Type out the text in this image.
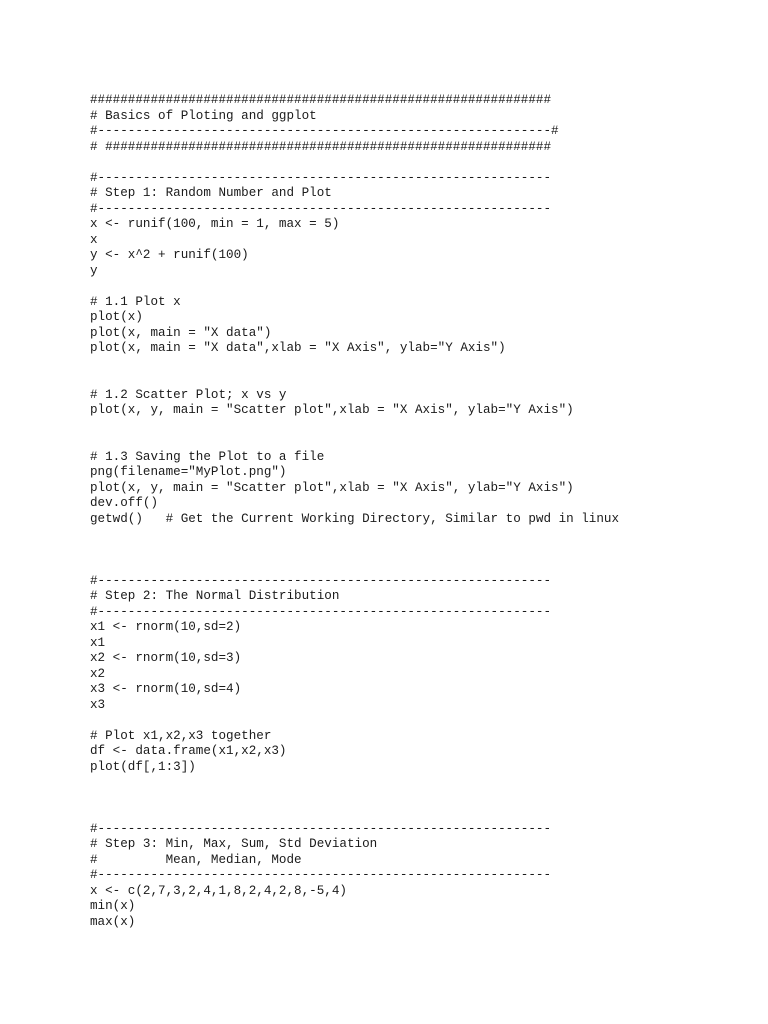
#############################################################
# Basics of Ploting and ggplot
#------------------------------------------------------------#
# ###########################################################
#------------------------------------------------------------
# Step 1: Random Number and Plot
#------------------------------------------------------------
x <- runif(100, min = 1, max = 5)
x
y <- x^2 + runif(100)
y
# 1.1 Plot x
plot(x)
plot(x, main = "X data")
plot(x, main = "X data",xlab = "X Axis", ylab="Y Axis")
# 1.2 Scatter Plot; x vs y
plot(x, y, main = "Scatter plot",xlab = "X Axis", ylab="Y Axis")
# 1.3 Saving the Plot to a file
png(filename="MyPlot.png")
plot(x, y, main = "Scatter plot",xlab = "X Axis", ylab="Y Axis")
dev.off()
getwd()   # Get the Current Working Directory, Similar to pwd in linux
#------------------------------------------------------------
# Step 2: The Normal Distribution
#------------------------------------------------------------
x1 <- rnorm(10,sd=2)
x1
x2 <- rnorm(10,sd=3)
x2
x3 <- rnorm(10,sd=4)
x3
# Plot x1,x2,x3 together
df <- data.frame(x1,x2,x3)
plot(df[,1:3])
#------------------------------------------------------------
# Step 3: Min, Max, Sum, Std Deviation
#         Mean, Median, Mode
#------------------------------------------------------------
x <- c(2,7,3,2,4,1,8,2,4,2,8,-5,4)
min(x)
max(x)
